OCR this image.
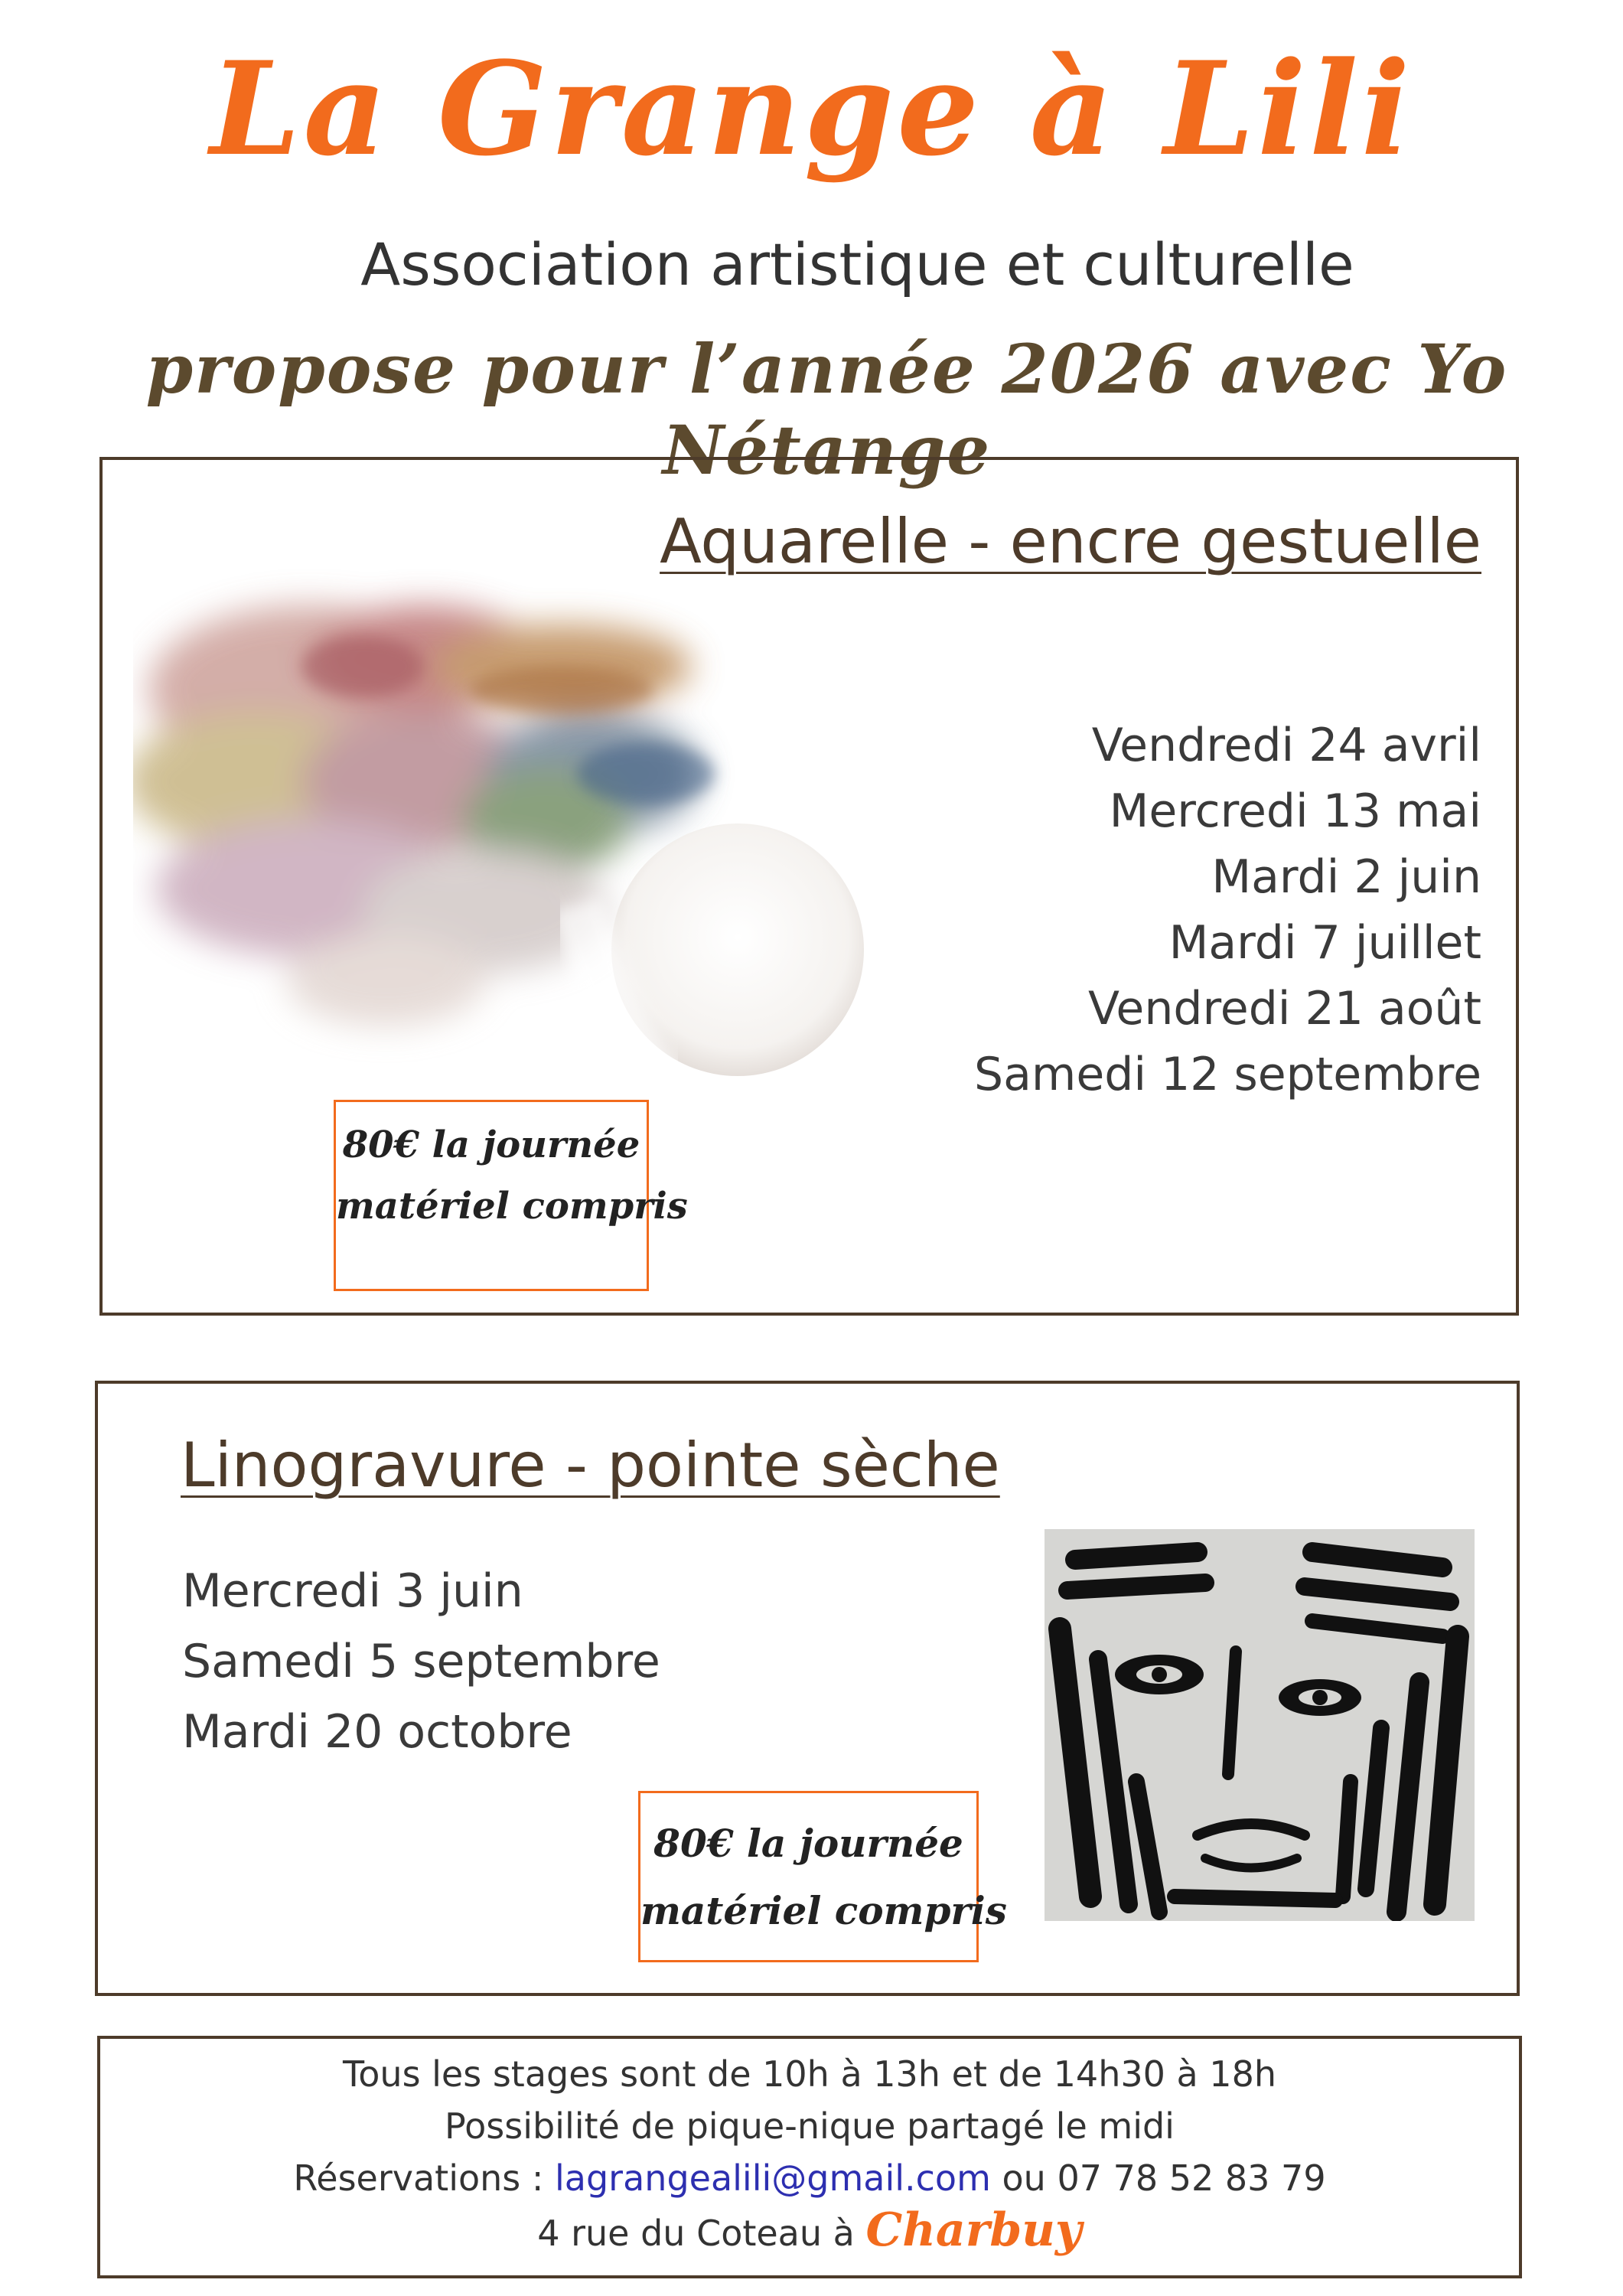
La Grange à Lili
Association artistique et culturelle
propose pour l’année 2026 avec Yo Nétange
Aquarelle - encre gestuelle
Vendredi 24 avril
Mercredi 13 mai
Mardi 2 juin
Mardi 7 juillet
Vendredi 21 août
Samedi 12 septembre
80€ la journée
matériel compris
Linogravure - pointe sèche
Mercredi 3 juin
Samedi 5 septembre
Mardi 20 octobre
80€ la journée
matériel compris
Tous les stages sont de 10h à 13h et de 14h30 à 18h
Possibilité de pique-nique partagé le midi
Réservations : lagrangealili@gmail.com ou 07 78 52 83 79
4 rue du Coteau à Charbuy
